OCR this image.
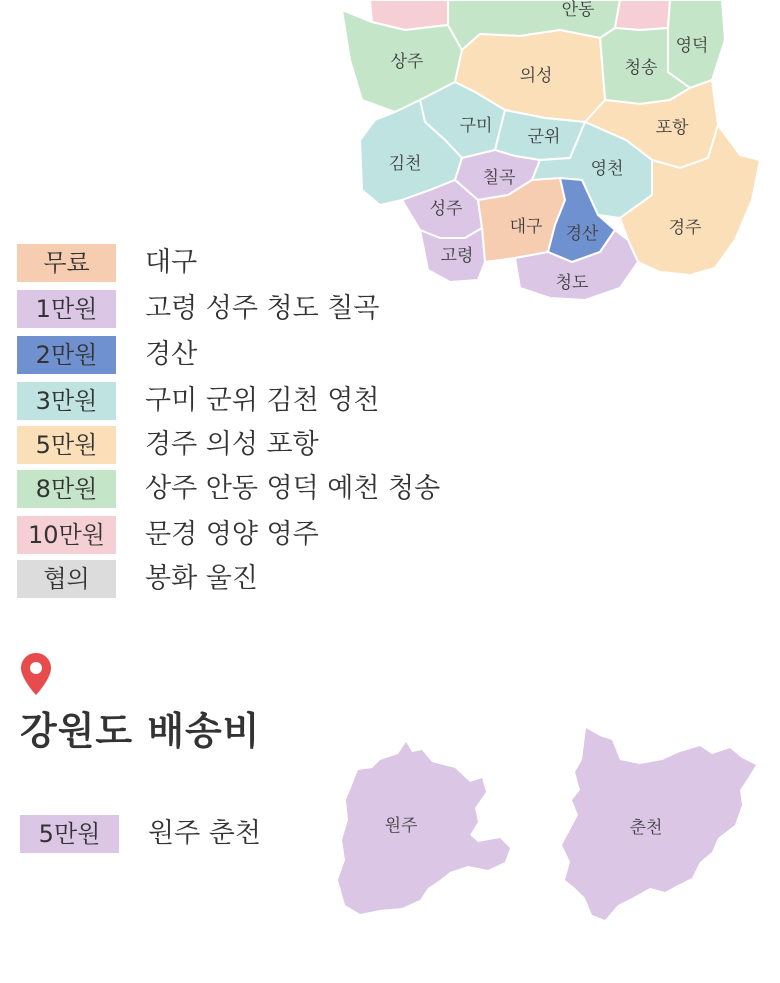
안동
영덕
상주
의성	청송
구미
군위	포항
김천
칠곡	영천
성주
대구 경산	경주
고령
청도
원주	춘천
무료	대구
1만원	고령 성주 청도 칠곡
2만원	경산
3만원	구미 군위 김천 영천
5만원	경주 의성 포항
8만원	상주 안동 영덕 예천 청송
10만원	문경 영양 영주
협의	봉화 울진
강원도 배송비
5만원	원주 춘천
